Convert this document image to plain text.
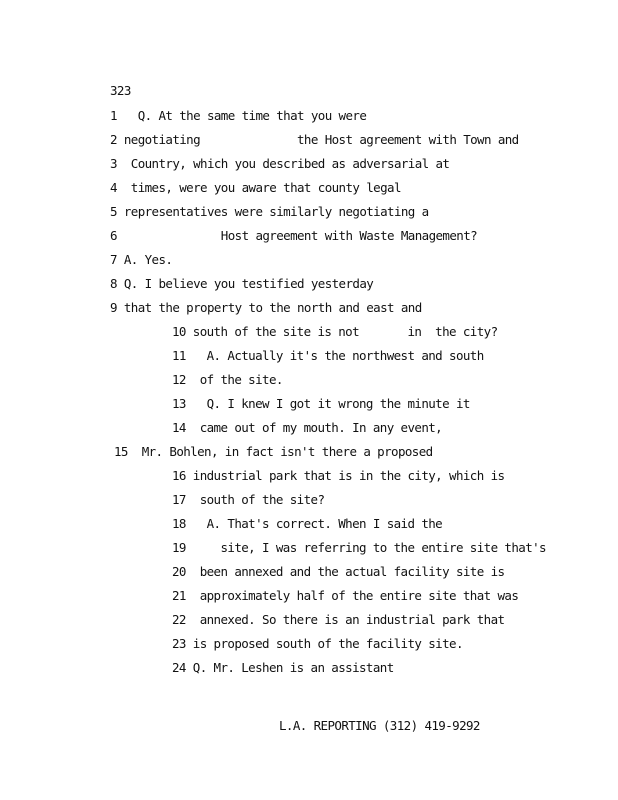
323
1   Q. At the same time that you were
2 negotiating              the Host agreement with Town and
3  Country, which you described as adversarial at
4  times, were you aware that county legal
5 representatives were similarly negotiating a
6               Host agreement with Waste Management?
7 A. Yes.
8 Q. I believe you testified yesterday
9 that the property to the north and east and
10 south of the site is not       in  the city?
11   A. Actually it's the northwest and south
12  of the site.
13   Q. I knew I got it wrong the minute it
14  came out of my mouth. In any event,
15  Mr. Bohlen, in fact isn't there a proposed
16 industrial park that is in the city, which is
17  south of the site?
18   A. That's correct. When I said the
19     site, I was referring to the entire site that's
20  been annexed and the actual facility site is
21  approximately half of the entire site that was
22  annexed. So there is an industrial park that
23 is proposed south of the facility site.
24 Q. Mr. Leshen is an assistant
L.A. REPORTING (312) 419-9292
